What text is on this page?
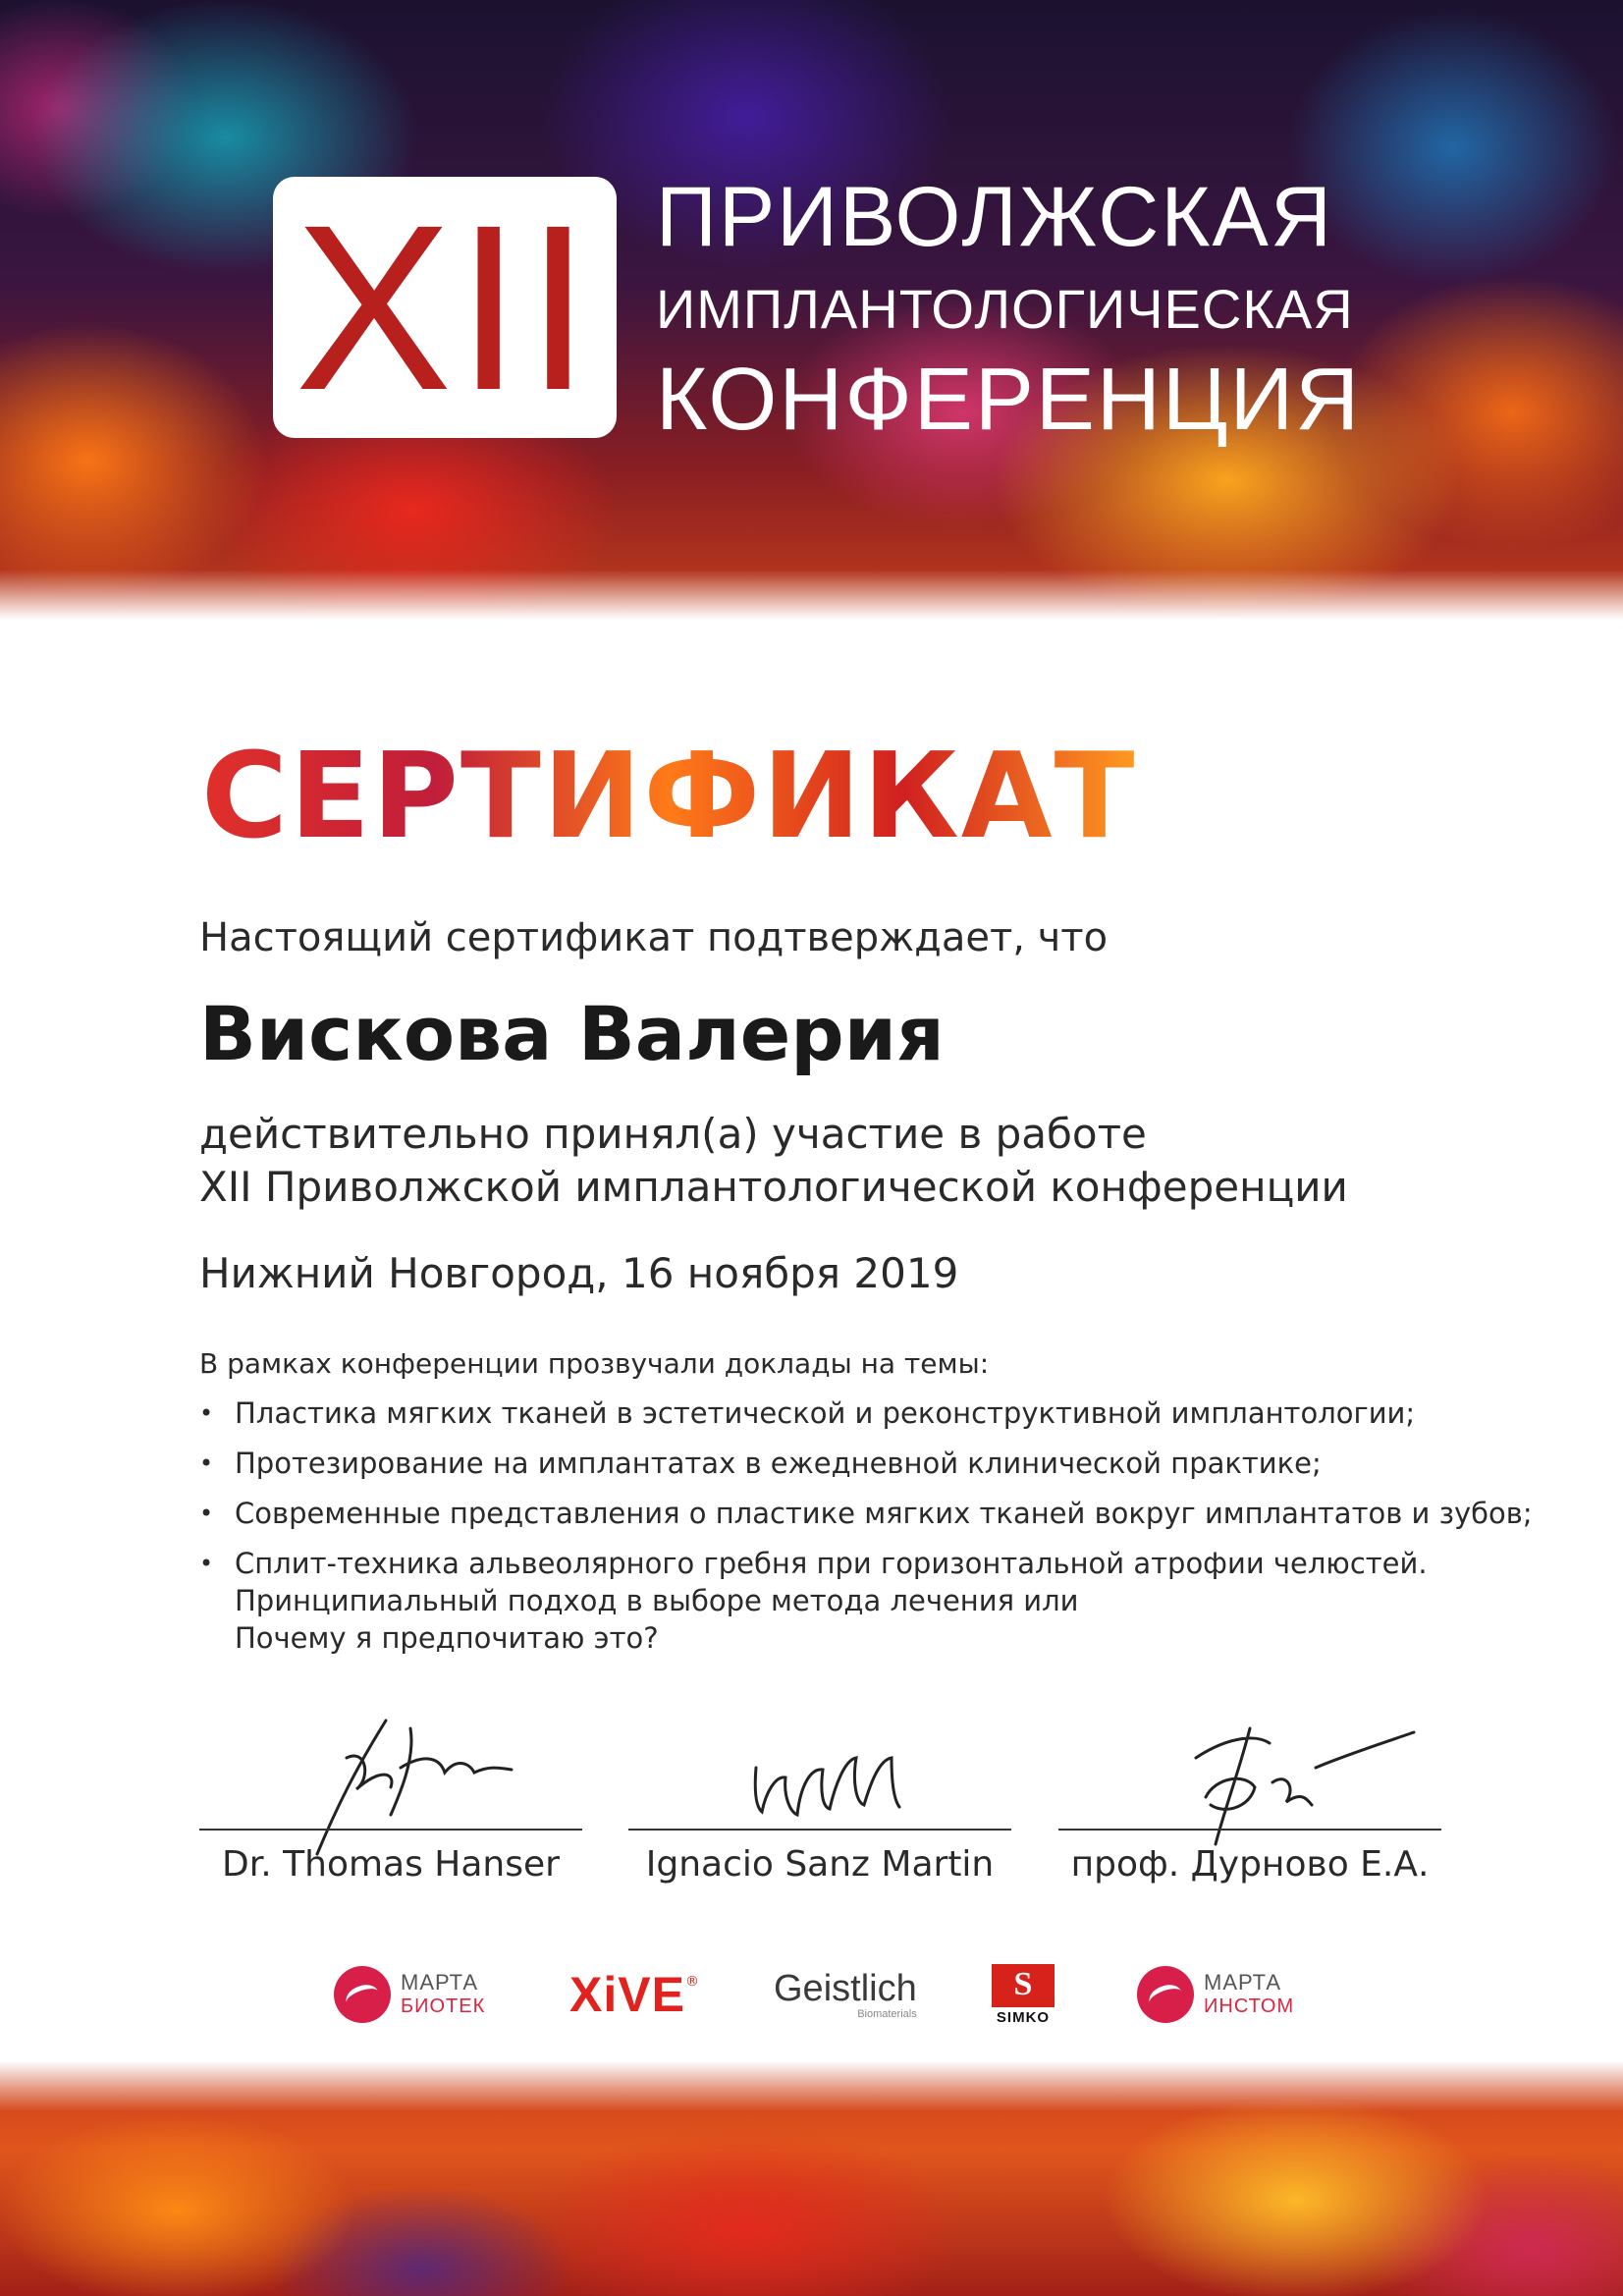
XII ПРИВОЛЖСКАЯ
ИМПЛАНТОЛОГИЧЕСКАЯ
КОНФЕРЕНЦИЯ
СЕРТИФИКАТ
Настоящий сертификат подтверждает, что
Вискова Валерия
действительно принял(а) участие в работе
XII Приволжской имплантологической конференции
Нижний Новгород, 16 ноября 2019
В рамках конференции прозвучали доклады на темы:
• Пластика мягких тканей в эстетической и реконструктивной имплантологии;
• Протезирование на имплантатах в ежедневной клинической практике;
• Современные представления о пластике мягких тканей вокруг имплантатов и зубов;
• Сплит-техника альвеолярного гребня при горизонтальной атрофии челюстей.
Принципиальный подход в выборе метода лечения или
Почему я предпочитаю это?
Dr. Thomas Hanser	Ignacio Sanz Martin	проф. Дурново Е.А.
МАРТА
БИОТЕК XiVE ® Geistlich
Biomaterials
S	SIMKO
МАРТА
ИНСТОМ
